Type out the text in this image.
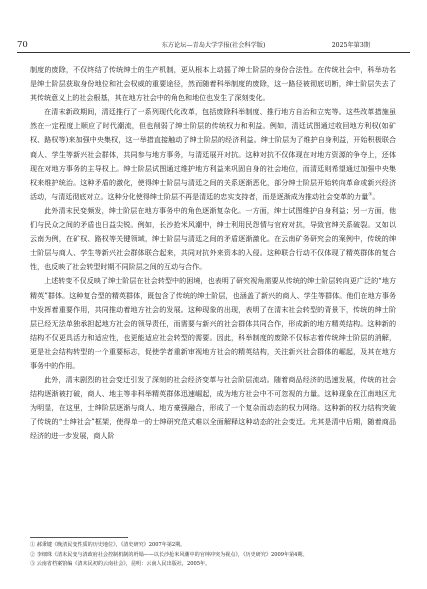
70	东方论坛—青岛大学学报(社会科学版)	2025年第3期

制度的废除，不仅终结了传统绅士的生产机制，更从根本上动摇了绅士阶层的身份合法性。在传统社会中，科举功名是绅士阶层获取身份地位和社会权威的重要途径，然而随着科举制度的废除，这一路径被彻底切断，绅士阶层失去了其传统意义上的社会根基，其在地方社会中的角色和地位也发生了深刻变化。

在清末新政期间，清廷推行了一系列现代化改革，包括废除科举制度、推行地方自治和立宪等。这些改革措施虽然在一定程度上顺应了时代潮流，但也削弱了绅士阶层的传统权力和利益。例如，清廷试图通过收回地方利权(如矿权、路权等)来加强中央集权，这一举措直接触动了绅士阶层的经济利益。绅士阶层为了维护自身利益，开始积极联合商人、学生等新兴社会群体，共同参与地方事务，与清廷展开对抗。这种对抗不仅体现在对地方资源的争夺上，还体现在对地方事务的主导权上。绅士阶层试图通过维护地方利益来巩固自身的社会地位，而清廷则希望通过加强中央集权来维护统治。这种矛盾的激化，使得绅士阶层与清廷之间的关系逐渐恶化，部分绅士阶层开始转向革命或新兴经济活动，与清廷彻底对立。这种分化使得绅士阶层不再是清廷的忠实支持者，而是逐渐成为推动社会变革的力量①。

此外清末民变频发，绅士阶层在地方事务中的角色逐渐复杂化。一方面，绅士试图维护自身利益；另一方面，他们与民众之间的矛盾也日益尖锐。例如，长沙抢米风潮中，绅士利用民怨情与官府对抗，导致官绅关系破裂。又如以云南为例，在矿权、路权等关键领域，绅士阶层与清廷之间的矛盾逐渐激化。在云南矿务研究会的案例中，传统的绅士阶层与商人、学生等新兴社会群体联合起来，共同对抗外来资本的入侵。这种联合行动不仅体现了精英群体的复合性，也反映了社会转型时期不同阶层之间的互动与合作。

上述转变不仅反映了绅士阶层在社会转型中的困境，也表明了研究视角需要从传统的绅士阶层转向更广泛的“地方精英”群体。这种复合型的精英群体，既包含了传统的绅士阶层，也涵盖了新兴的商人、学生等群体。他们在地方事务中发挥着重要作用，共同推动着地方社会的发展。这种现象的出现，表明了在清末社会转型的背景下，传统的绅士阶层已经无法单独承担起地方社会的领导责任，而需要与新兴的社会群体共同合作，形成新的地方精英结构。这种新的结构不仅更具活力和适应性，也更能适应社会转型的需要。因此，科举制度的废除不仅标志着传统绅士阶层的消解，更是社会结构转型的一个重要标志，促使学者重新审视地方社会的精英结构，关注新兴社会群体的崛起，及其在地方事务中的作用。

此外，清末剧烈的社会变迁引发了深刻的社会经济变革与社会阶层流动。随着商品经济的迅速发展，传统的社会结构逐渐被打破，商人、地主等非科举精英群体迅速崛起，成为地方社会中不可忽视的力量。这种现象在江南地区尤为明显，在这里，士绅阶层逐渐与商人、地方豪强融合，形成了一个复杂而动态的权力网络。这种新的权力结构突破了传统的“士绅社会”框架，使得单一的士绅研究范式难以全面解释这种动态的社会变迁。尤其是清中后期，随着商品经济的进一步发展，商人阶

① 郝秉键《晚清民变性质的历史地位》，《清史研究》2007年第2期。
② 李细珠《清末民变与清政府社会控制机制的坍塌——以长沙抢米风潮中的官绅冲突为视点》，《历史研究》2009年第4期。
③ 云南省档案馆编《清末民初的云南社会》，昆明：云南人民出版社，2005年。
